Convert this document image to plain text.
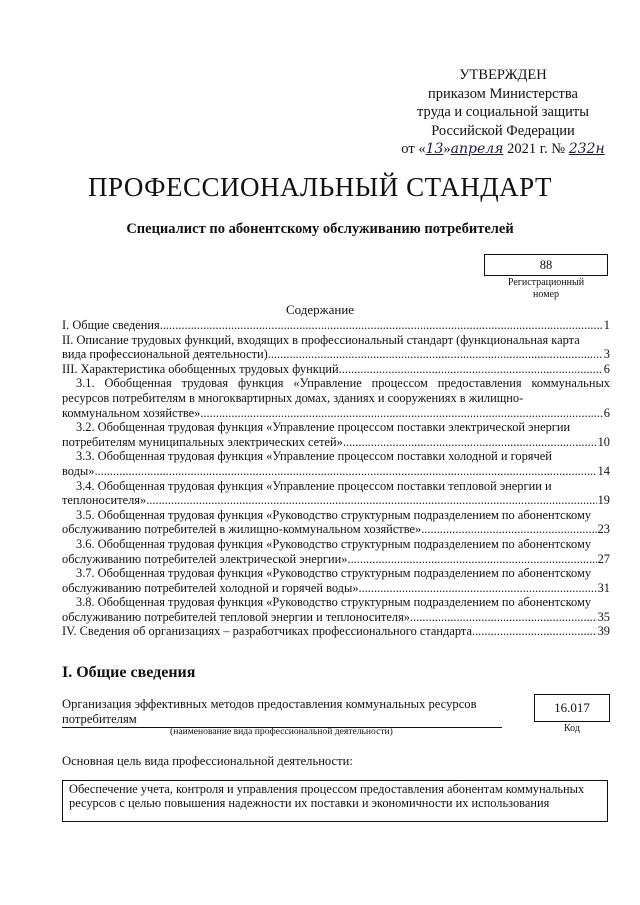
УТВЕРЖДЕН
приказом Министерства
труда и социальной защиты
Российской Федерации
от «13»апреля 2021 г. № 232н
ПРОФЕССИОНАЛЬНЫЙ СТАНДАРТ
Специалист по абонентскому обслуживанию потребителей
88
Регистрационный
номер
Содержание
I. Общие сведения .....	1
II. Описание трудовых функций, входящих в профессиональный стандарт (функциональная карта
вида профессиональной деятельности) .....	3
III. Характеристика обобщенных трудовых функций .....	6
3.1. Обобщенная трудовая функция «Управление процессом предоставления коммунальных ресурсов потребителям в многоквартирных домах, зданиях и сооружениях в жилищно-
коммунальном хозяйстве» .....	6
3.2. Обобщенная трудовая функция «Управление процессом поставки электрической энергии
потребителям муниципальных электрических сетей» .....	10
3.3. Обобщенная трудовая функция «Управление процессом поставки холодной и горячей
воды» .....	14
3.4. Обобщенная трудовая функция «Управление процессом поставки тепловой энергии и
теплоносителя» .....	19
3.5. Обобщенная трудовая функция «Руководство структурным подразделением по абонентскому
обслуживанию потребителей в жилищно-коммунальном хозяйстве» .....	23
3.6. Обобщенная трудовая функция «Руководство структурным подразделением по абонентскому
обслуживанию потребителей электрической энергии» .....	27
3.7. Обобщенная трудовая функция «Руководство структурным подразделением по абонентскому
обслуживанию потребителей холодной и горячей воды» .....	31
3.8. Обобщенная трудовая функция «Руководство структурным подразделением по абонентскому
обслуживанию потребителей тепловой энергии и теплоносителя» .....	35
IV. Сведения об организациях – разработчиках профессионального стандарта .....	39
I. Общие сведения
Организация эффективных методов предоставления коммунальных ресурсов потребителям
(наименование вида профессиональной деятельности)
16.017
Код
Основная цель вида профессиональной деятельности:
Обеспечение учета, контроля и управления процессом предоставления абонентам коммунальных ресурсов с целью повышения надежности их поставки и экономичности их использования
